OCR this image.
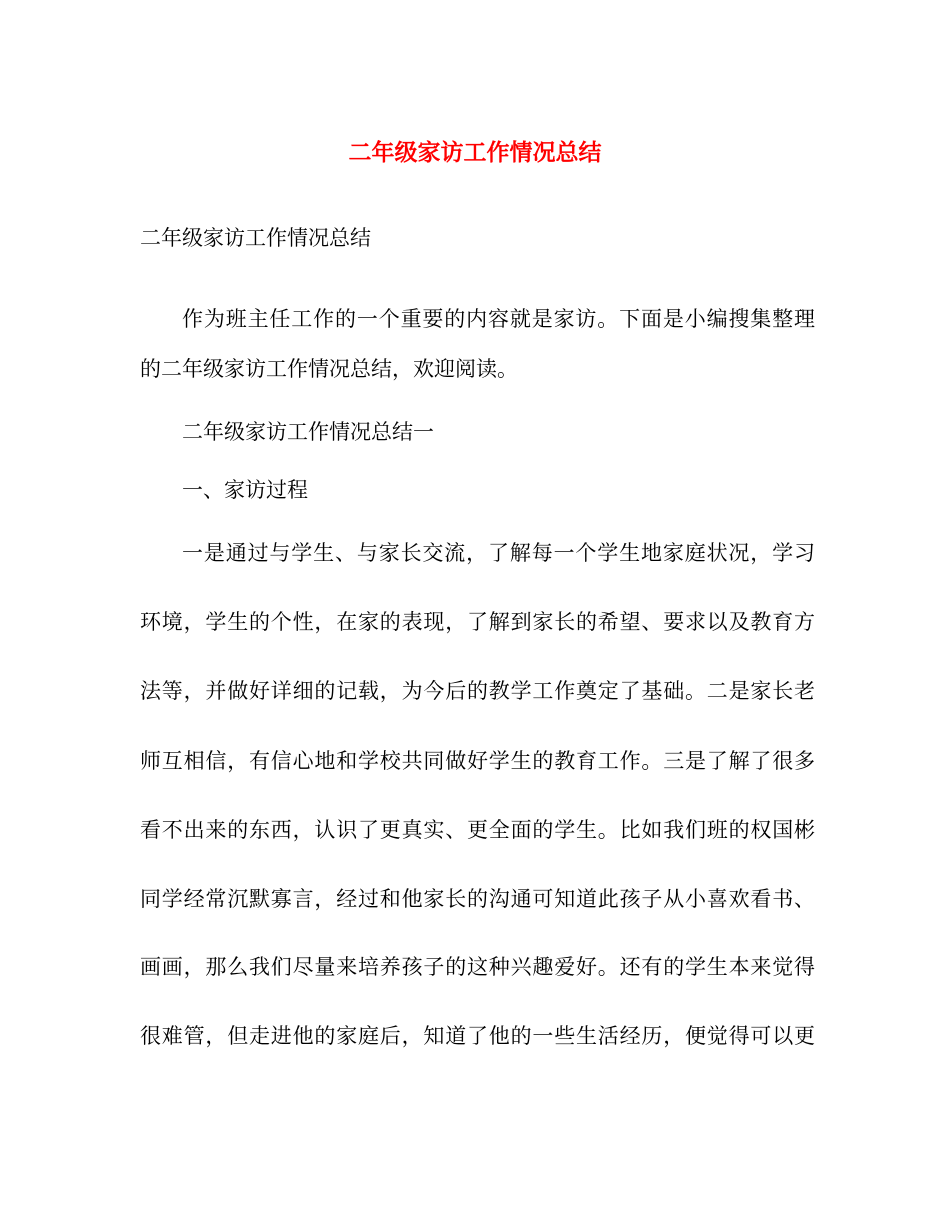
二年级家访工作情况总结

二年级家访工作情况总结

作为班主任工作的一个重要的内容就是家访。下面是小编搜集整理

的二年级家访工作情况总结，欢迎阅读。

二年级家访工作情况总结一

一、家访过程

一是通过与学生、与家长交流，了解每一个学生地家庭状况，学习

环境，学生的个性，在家的表现，了解到家长的希望、要求以及教育方

法等，并做好详细的记载，为今后的教学工作奠定了基础。二是家长老

师互相信，有信心地和学校共同做好学生的教育工作。三是了解了很多

看不出来的东西，认识了更真实、更全面的学生。比如我们班的权国彬

同学经常沉默寡言，经过和他家长的沟通可知道此孩子从小喜欢看书、

画画，那么我们尽量来培养孩子的这种兴趣爱好。还有的学生本来觉得

很难管，但走进他的家庭后，知道了他的一些生活经历，便觉得可以更
